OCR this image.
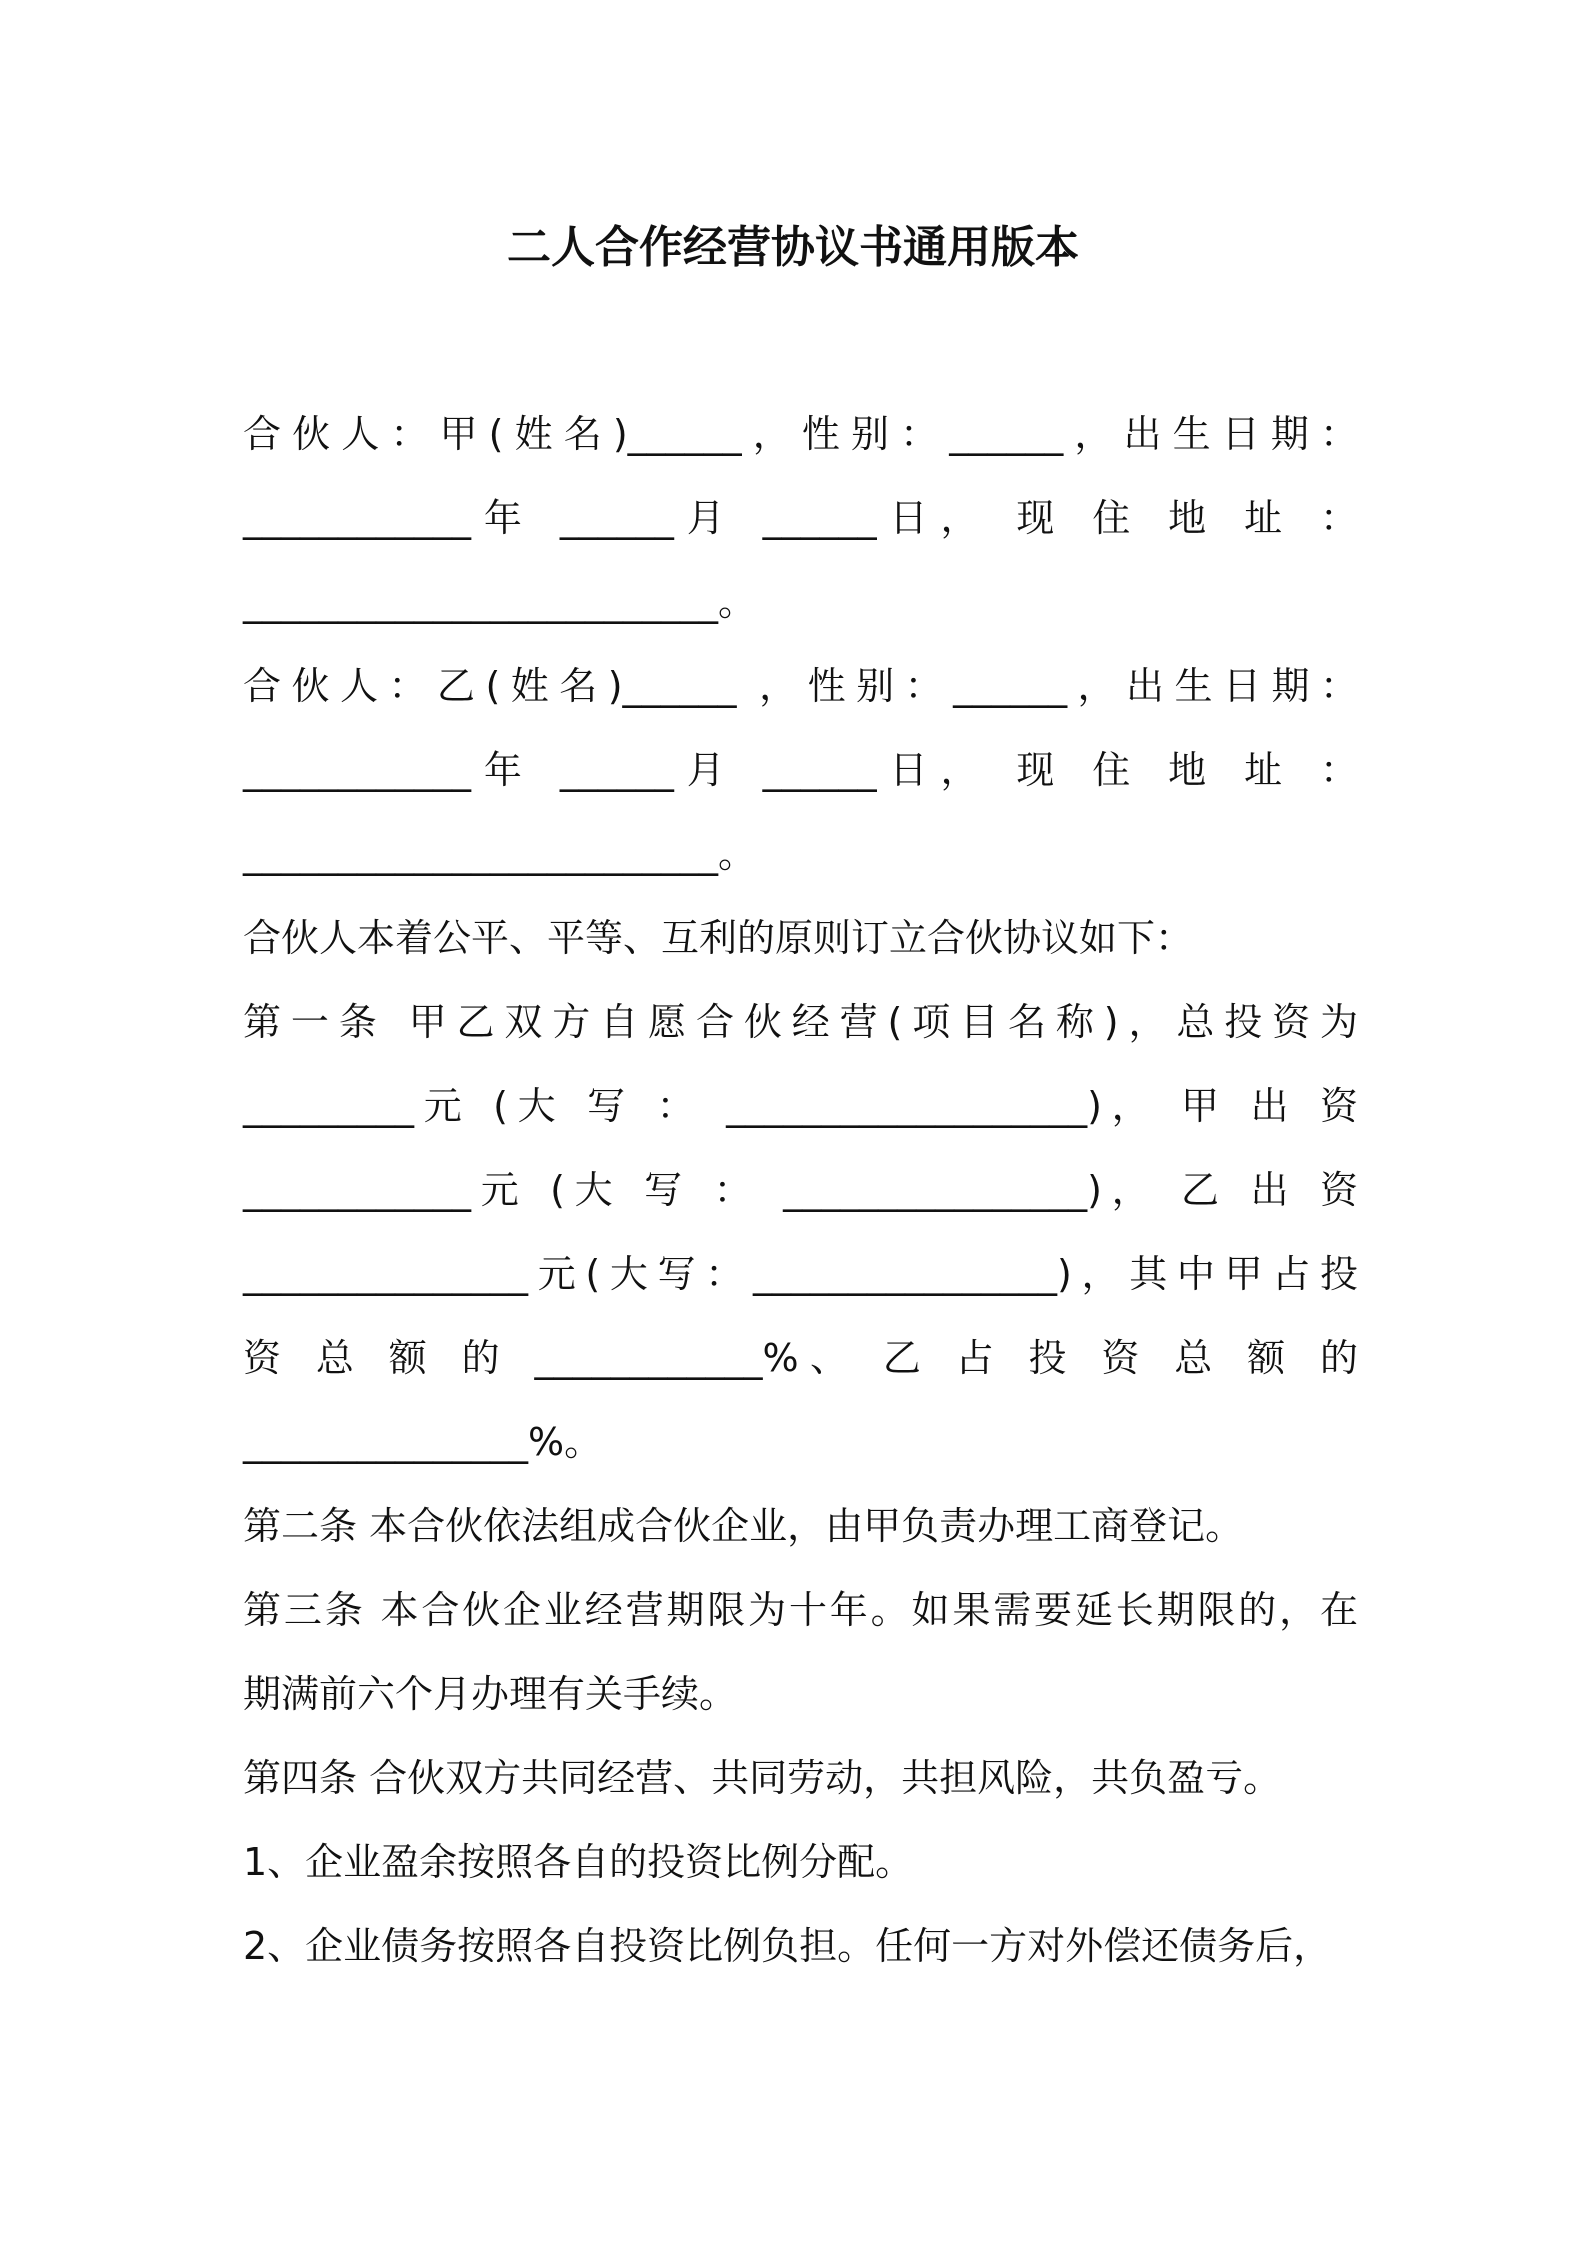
二人合作经营协议书通用版本

合伙人：甲(姓名)______，性别：______，出生日期：

____________年 ______月 ______日， 现 住 地 址 ：

_________________________。

合伙人：乙(姓名)______ ，性别：______，出生日期：

____________年 ______月 ______日， 现 住 地 址 ：

_________________________。

合伙人本着公平、平等、互利的原则订立合伙协议如下：

第一条 甲乙双方自愿合伙经营(项目名称)，总投资为

_________元 (大 写 ： ___________________)， 甲 出 资

____________元 (大 写 ： ________________)， 乙 出 资

_______________元(大写：________________)，其中甲占投

资 总 额 的 ____________%、 乙 占 投 资 总 额 的

_______________%。

第二条 本合伙依法组成合伙企业，由甲负责办理工商登记。

第三条 本合伙企业经营期限为十年。如果需要延长期限的，在

期满前六个月办理有关手续。

第四条 合伙双方共同经营、共同劳动，共担风险，共负盈亏。

1、企业盈余按照各自的投资比例分配。

2、企业债务按照各自投资比例负担。任何一方对外偿还债务后，
